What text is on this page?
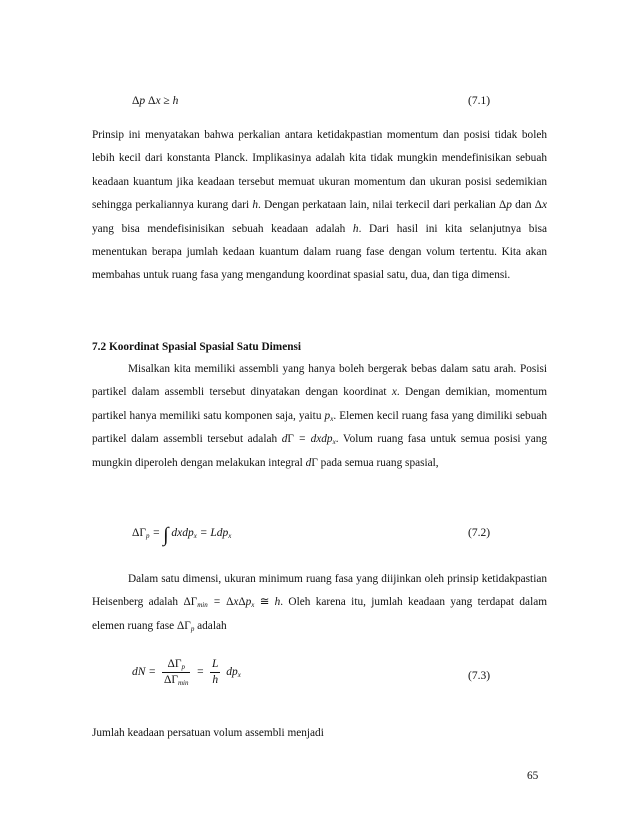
Δp Δx ≥ h	(7.1)

Prinsip ini menyatakan bahwa perkalian antara ketidakpastian momentum dan posisi tidak boleh lebih kecil dari konstanta Planck. Implikasinya adalah kita tidak mungkin mendefinisikan sebuah keadaan kuantum jika keadaan tersebut memuat ukuran momentum dan ukuran posisi sedemikian sehingga perkaliannya kurang dari h. Dengan perkataan lain, nilai terkecil dari perkalian Δp dan Δx yang bisa mendefisinisikan sebuah keadaan adalah h. Dari hasil ini kita selanjutnya bisa menentukan berapa jumlah kedaan kuantum dalam ruang fase dengan volum tertentu. Kita akan membahas untuk ruang fasa yang mengandung koordinat spasial satu, dua, dan tiga dimensi.

7.2 Koordinat Spasial Spasial Satu Dimensi

Misalkan kita memiliki assembli yang hanya boleh bergerak bebas dalam satu arah. Posisi partikel dalam assembli tersebut dinyatakan dengan koordinat x. Dengan demikian, momentum partikel hanya memiliki satu komponen saja, yaitu $p_x$. Elemen kecil ruang fasa yang dimiliki sebuah partikel dalam assembli tersebut adalah dΓ = dxdp$_x$. Volum ruang fasa untuk semua posisi yang mungkin diperoleh dengan melakukan integral dΓ pada semua ruang spasial,

$\Delta\Gamma_p$ = ∫ dxdp$_x$ = Ldp$_x$	(7.2)

Dalam satu dimensi, ukuran minimum ruang fasa yang diijinkan oleh prinsip ketidakpastian Heisenberg adalah $\Delta\Gamma_{min} = \Delta x\Delta p_x$ ≅ h. Oleh karena itu, jumlah keadaan yang terdapat dalam elemen ruang fase $\Delta\Gamma_p$ adalah

dN = $\frac{\Delta\Gamma_p}{\Delta\Gamma_{min}} = \frac{L}{h} dp_x$	(7.3)

Jumlah keadaan persatuan volum assembli menjadi

65
